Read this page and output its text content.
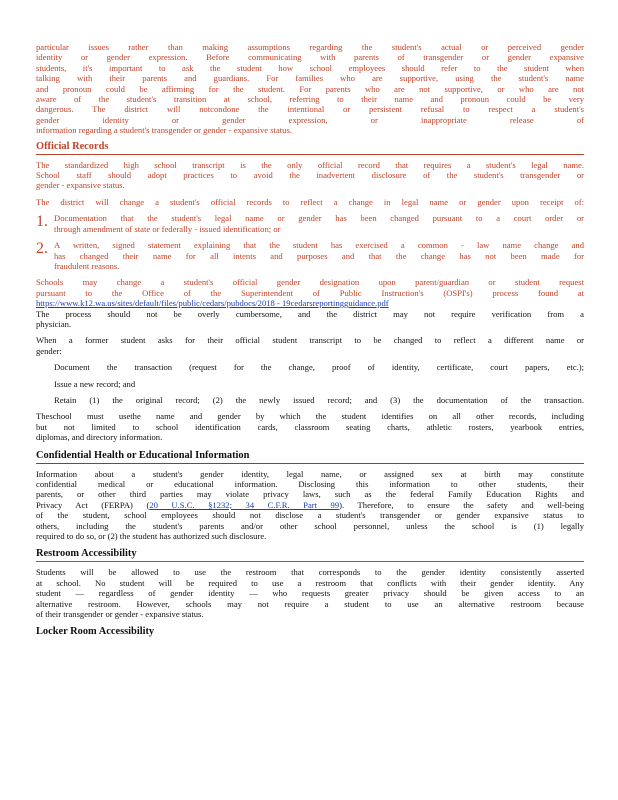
particular issues rather than making assumptions regarding the student's actual or perceived gender

identity or gender expression. Before communicating with parents of transgender or gender expansive

students, it's important to ask the student how school employees should refer to the student when

talking with their parents and guardians. For families who are supportive, using the student's name

and pronoun could be affirming for the student. For parents who are not supportive, or who are not

aware of the student's transition at school, referring to their name and pronoun could be very

dangerous. The district will notcondone the intentional or persistent refusal to respect a student's

gender identity or gender expression, or inappropriate release of

information regarding a student's transgender or gender - expansive status.

Official Records

The standardized high school transcript is the only official record that requires a student's legal name.

School staff should adopt practices to avoid the inadvertent disclosure of the student's transgender or

gender - expansive status.

The district will change a student's official records to reflect a change in legal name or gender upon receipt of:

1. Documentation that the student's legal name or gender has been changed pursuant to a court order or

through amendment of state or federally - issued identification; or

2. A written, signed statement explaining that the student has exercised a common - law name change and

has changed their name for all intents and purposes and that the change has not been made for

fraudulent reasons.

Schools may change a student's official gender designation upon parent/guardian or student request

pursuant to the Office of the Superintendent of Public Instruction's (OSPI's) process found at

https://www.k12.wa.us/sites/default/files/public/cedars/pubdocs/2018 - 19cedarsreportingguidance.pdf

The process should not be overly cumbersome, and the district may not require verification from a

physician.

When a former student asks for their official student transcript to be changed to reflect a different name or

gender:

Document the transaction (request for the change, proof of identity, certificate, court papers, etc.);

Issue a new record; and

Retain (1) the original record; (2) the newly issued record; and (3) the documentation of the transaction.

Theschool must usethe name and gender by which the student identifies on all other records, including

but not limited to school identification cards, classroom seating charts, athletic rosters, yearbook entries,

diplomas, and directory information.

Confidential Health or Educational Information

Information about a student's gender identity, legal name, or assigned sex at birth may constitute

confidential medical or educational information. Disclosing this information to other students, their

parents, or other third parties may violate privacy laws, such as the federal Family Education Rights and

Privacy Act (FERPA) (20 U.S.C. §1232; 34 C.F.R. Part 99). Therefore, to ensure the safety and well-being

of the student, school employees should not disclose a student's transgender or gender expansive status to

others, including the student's parents and/or other school personnel, unless the school is (1) legally

required to do so, or (2) the student has authorized such disclosure.

Restroom Accessibility

Students will be allowed to use the restroom that corresponds to the gender identity consistently asserted

at school. No student will be required to use a restroom that conflicts with their gender identity. Any

student — regardless of gender identity — who requests greater privacy should be given access to an

alternative restroom. However, schools may not require a student to use an alternative restroom because

of their transgender or gender - expansive status.

Locker Room Accessibility
